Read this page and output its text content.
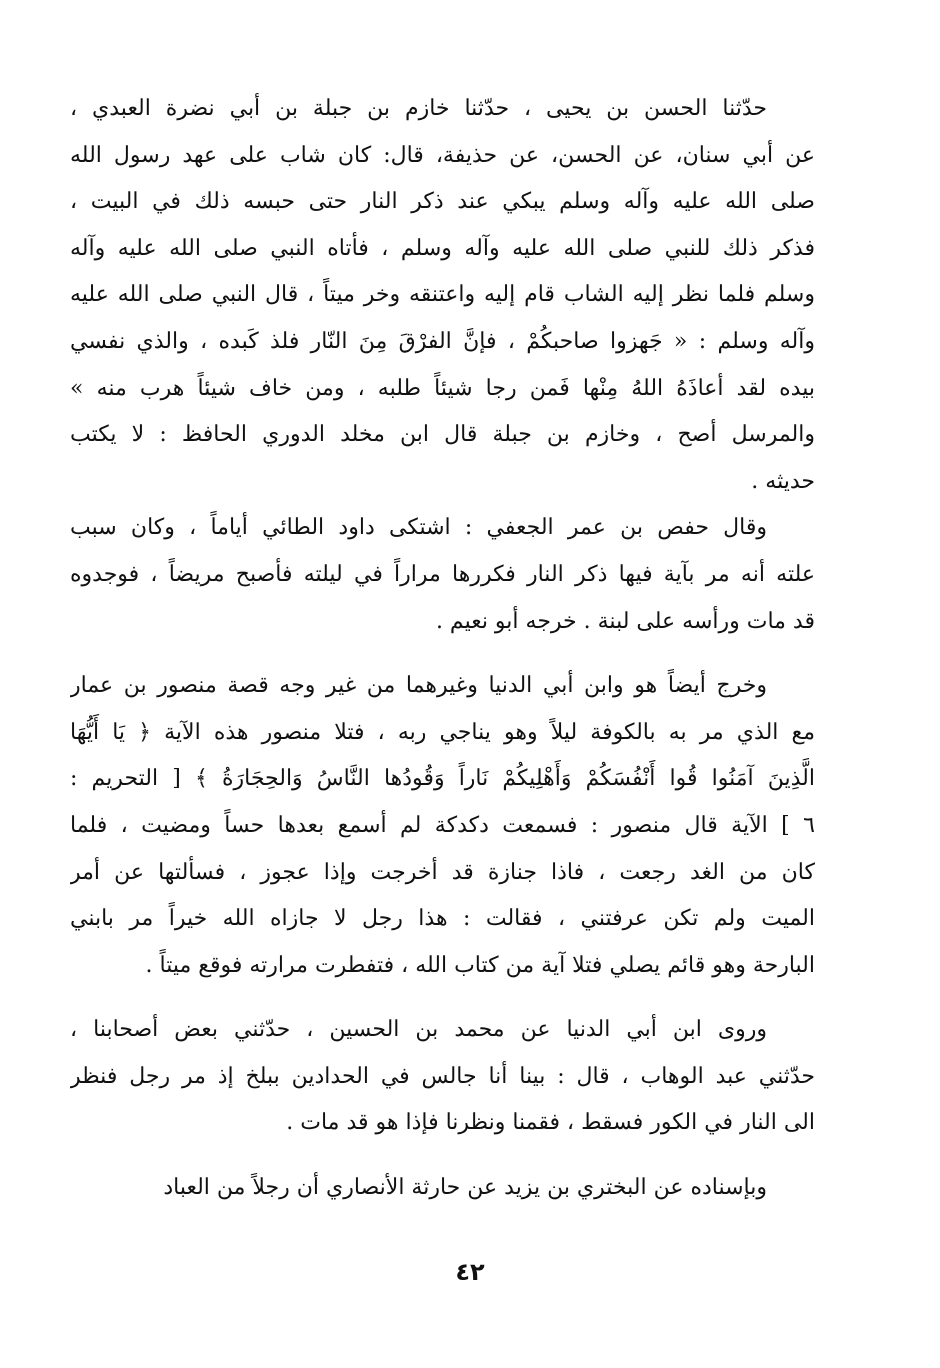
حدّثنا الحسن بن يحيى ، حدّثنا خازم بن جبلة بن أبي نضرة العبدي ،
عن أبي سنان، عن الحسن، عن حذيفة، قال: كان شاب على عهد رسول الله
صلى الله عليه وآله وسلم يبكي عند ذكر النار حتى حبسه ذلك في البيت ،
فذكر ذلك للنبي صلى الله عليه وآله وسلم ، فأتاه النبي صلى الله عليه وآله
وسلم فلما نظر إليه الشاب قام إليه واعتنقه وخر ميتاً ، قال النبي صلى الله عليه
وآله وسلم : « جَهزوا صاحبكُمْ ، فإنَّ الفرْقَ مِنَ النّار فلذ كَبده ، والذي نفسي
بيده لقد أعاذَهُ اللهُ مِنْها فَمن رجا شيئاً طلبه ، ومن خاف شيئاً هرب منه »
والمرسل أصح ، وخازم بن جبلة قال ابن مخلد الدوري الحافظ : لا يكتب
حديثه .
وقال حفص بن عمر الجعفي : اشتكى داود الطائي أياماً ، وكان سبب
علته أنه مر بآية فيها ذكر النار فكررها مراراً في ليلته فأصبح مريضاً ، فوجدوه
قد مات ورأسه على لبنة . خرجه أبو نعيم .
وخرج أيضاً هو وابن أبي الدنيا وغيرهما من غير وجه قصة منصور بن عمار
مع الذي مر به بالكوفة ليلاً وهو يناجي ربه ، فتلا منصور هذه الآية ﴿ يَا أَيُّهَا
الَّذِينَ آمَنُوا قُوا أَنْفُسَكُمْ وَأَهْلِيكُمْ نَاراً وَقُودُها النَّاسُ وَالحِجَارَةُ ﴾ [ التحريم :
٦ ] الآية قال منصور : فسمعت دكدكة لم أسمع بعدها حساً ومضيت ، فلما
كان من الغد رجعت ، فاذا جنازة قد أخرجت وإذا عجوز ، فسألتها عن أمر
الميت ولم تكن عرفتني ، فقالت : هذا رجل لا جازاه الله خيراً مر بابني
البارحة وهو قائم يصلي فتلا آية من كتاب الله ، فتفطرت مرارته فوقع ميتاً .
وروى ابن أبي الدنيا عن محمد بن الحسين ، حدّثني بعض أصحابنا ،
حدّثني عبد الوهاب ، قال : بينا أنا جالس في الحدادين ببلخ إذ مر رجل فنظر
الى النار في الكور فسقط ، فقمنا ونظرنا فإذا هو قد مات .
وبإسناده عن البختري بن يزيد عن حارثة الأنصاري أن رجلاً من العباد
٤٢
